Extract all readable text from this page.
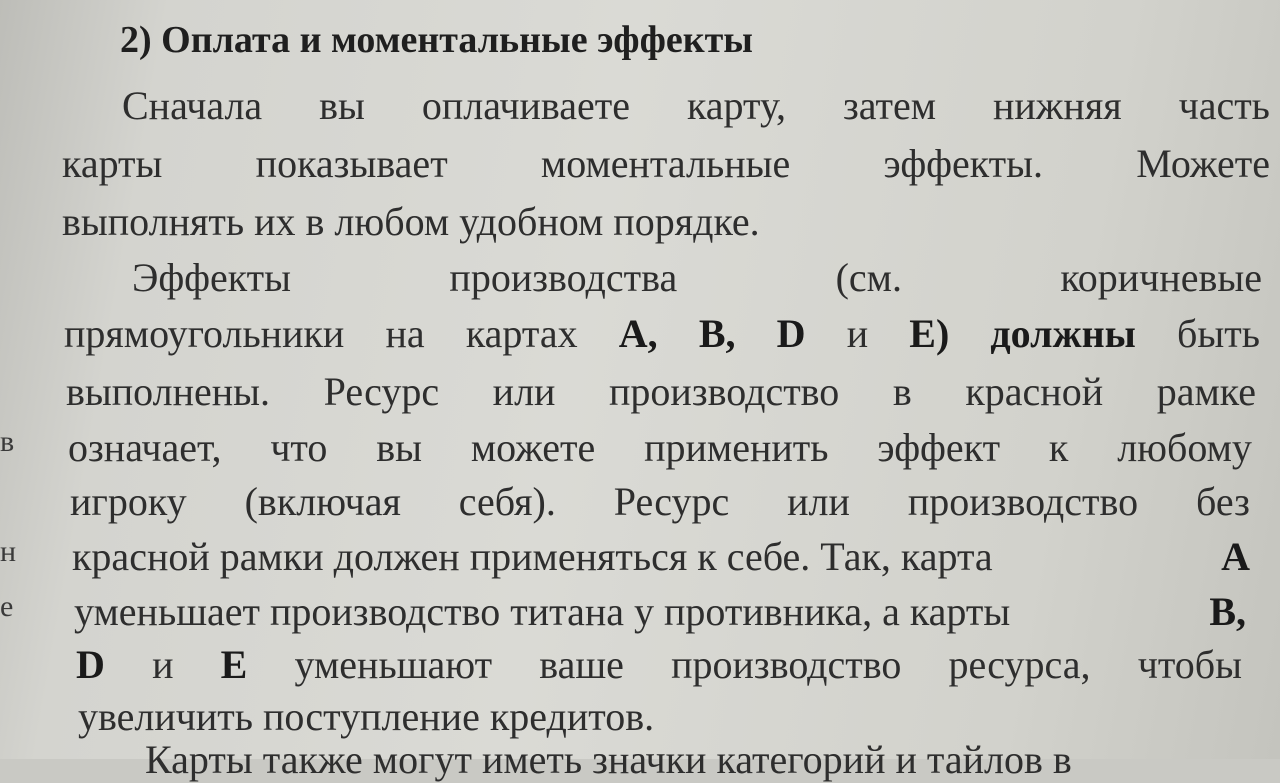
в
н
е
2) Оплата и моментальные эффекты
Сначала вы оплачиваете карту, затем нижняя часть
карты показывает моментальные эффекты. Можете
выполнять их в любом удобном порядке.
Эффекты	производства	(см.	коричневые
прямоугольники на картах A, B, D и E) должны быть
выполнены. Ресурс или производство в красной рамке
означает, что вы можете применить эффект к любому
игроку (включая себя). Ресурс или производство без
красной рамки должен применяться к себе. Так, карта	A
уменьшает производство титана у противника, а карты	B,
D и E уменьшают ваше производство ресурса, чтобы
увеличить поступление кредитов.
Карты также могут иметь значки категорий и тайлов в
